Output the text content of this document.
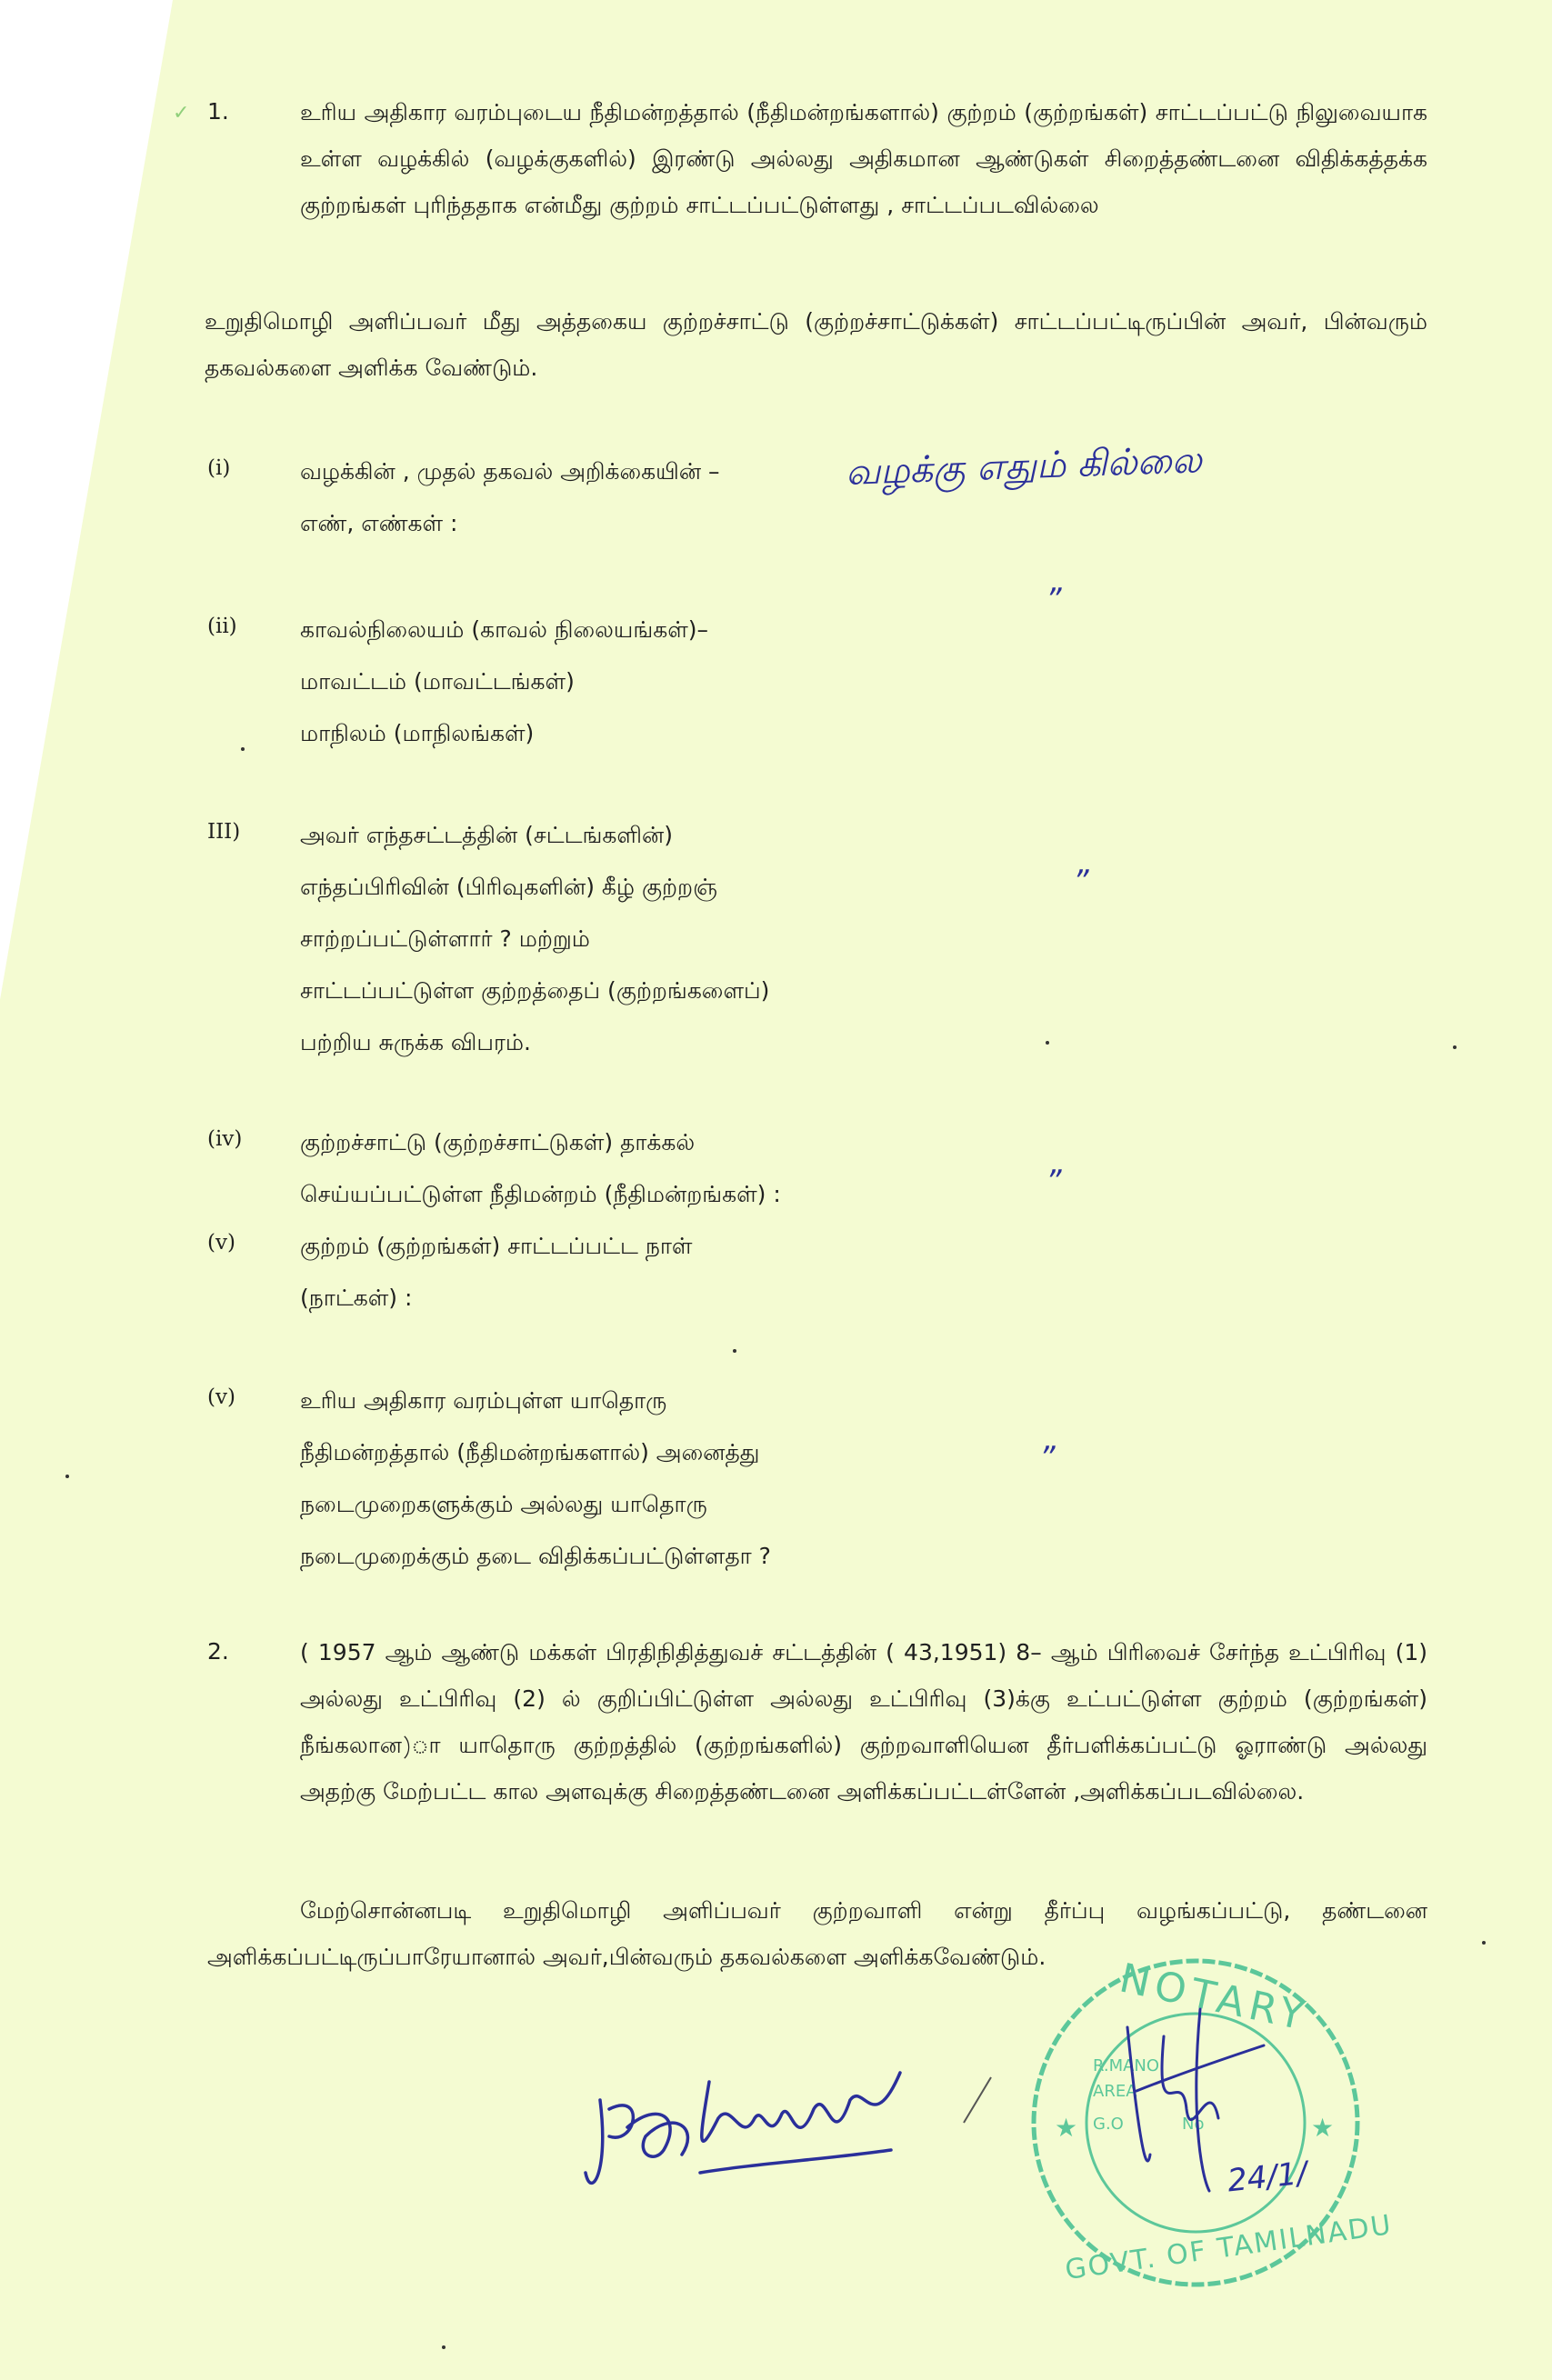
✓ 1.	உரிய அதிகார வரம்புடைய நீதிமன்றத்தால் (நீதிமன்றங்களால்) குற்றம் (குற்றங்கள்) சாட்டப்பட்டு நிலுவையாக உள்ள வழக்கில் (வழக்குகளில்) இரண்டு அல்லது அதிகமான ஆண்டுகள் சிறைத்தண்டனை விதிக்கத்தக்க குற்றங்கள் புரிந்ததாக என்மீது குற்றம் சாட்டப்பட்டுள்ளது , சாட்டப்படவில்லை
உறுதிமொழி அளிப்பவர் மீது அத்தகைய குற்றச்சாட்டு (குற்றச்சாட்டுக்கள்) சாட்டப்பட்டிருப்பின் அவர், பின்வரும் தகவல்களை அளிக்க வேண்டும்.
(i)	வழக்கின் , முதல் தகவல் அறிக்கையின் –
எண், எண்கள் :
(ii)	காவல்நிலையம் (காவல் நிலையங்கள்)–
மாவட்டம் (மாவட்டங்கள்)
மாநிலம் (மாநிலங்கள்)
III)	அவர் எந்தசட்டத்தின் (சட்டங்களின்)
எந்தப்பிரிவின் (பிரிவுகளின்) கீழ் குற்றஞ்
சாற்றப்பட்டுள்ளார் ? மற்றும்
சாட்டப்பட்டுள்ள குற்றத்தைப் (குற்றங்களைப்)
பற்றிய சுருக்க விபரம்.
(iv)	குற்றச்சாட்டு (குற்றச்சாட்டுகள்) தாக்கல்
செய்யப்பட்டுள்ள நீதிமன்றம் (நீதிமன்றங்கள்) :
(v)	குற்றம் (குற்றங்கள்) சாட்டப்பட்ட நாள்
(நாட்கள்) :
(v)	உரிய அதிகார வரம்புள்ள யாதொரு
நீதிமன்றத்தால் (நீதிமன்றங்களால்) அனைத்து
நடைமுறைகளுக்கும் அல்லது யாதொரு
நடைமுறைக்கும் தடை விதிக்கப்பட்டுள்ளதா ?
வழக்கு எதும் கில்லை
”
”
”
”
2.	( 1957 ஆம் ஆண்டு மக்கள் பிரதிநிதித்துவச் சட்டத்தின் ( 43,1951) 8– ஆம் பிரிவைச் சேர்ந்த உட்பிரிவு (1) அல்லது உட்பிரிவு (2) ல் குறிப்பிட்டுள்ள அல்லது உட்பிரிவு (3)க்கு உட்பட்டுள்ள குற்றம் (குற்றங்கள்) நீங்கலான)ா யாதொரு குற்றத்தில் (குற்றங்களில்) குற்றவாளியென தீர்பளிக்கப்பட்டு ஓராண்டு அல்லது அதற்கு மேற்பட்ட கால அளவுக்கு சிறைத்தண்டனை அளிக்கப்பட்டள்ளேன் ,அளிக்கப்படவில்லை.
மேற்சொன்னபடி உறுதிமொழி அளிப்பவர் குற்றவாளி என்று தீர்ப்பு வழங்கப்பட்டு, தண்டனை அளிக்கப்பட்டிருப்பாரேயானால் அவர்,பின்வரும் தகவல்களை அளிக்கவேண்டும்.
★	★
NOTARY
GOVT. OF TAMILNADU
R.MANO
AREA
G.O	No
24/1/
